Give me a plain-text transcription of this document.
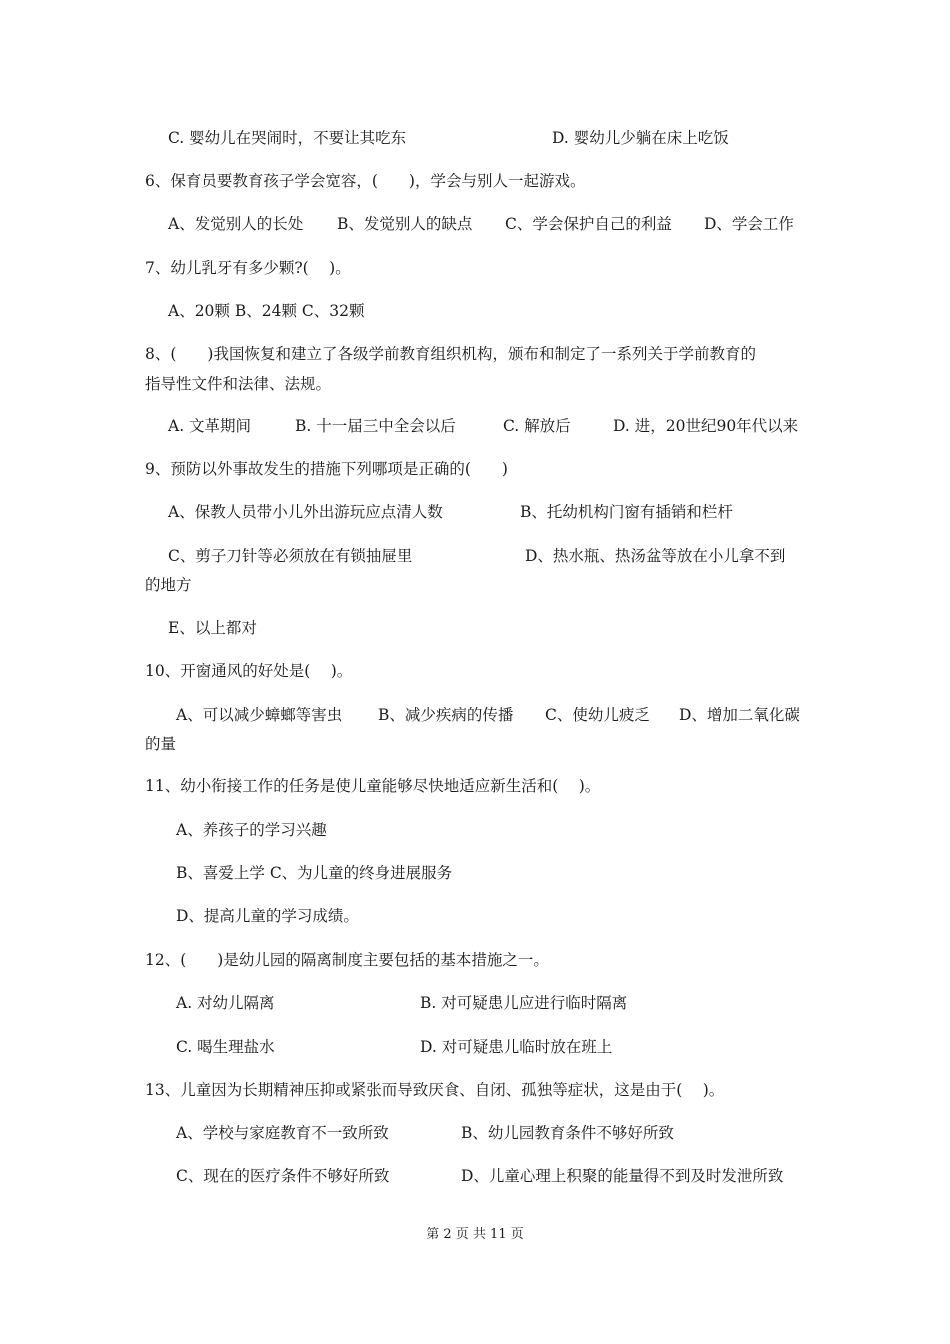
C. 婴幼儿在哭闹时，不要让其吃东	D. 婴幼儿少躺在床上吃饭
6、保育员要教育孩子学会宽容，(　　)，学会与别人一起游戏。
A、发觉别人的长处 B、发觉别人的缺点 C、学会保护自己的利益 D、学会工作
7、幼儿乳牙有多少颗?(　 )。
A、20颗 B、24颗 C、32颗
8、(　　)我国恢复和建立了各级学前教育组织机构，颁布和制定了一系列关于学前教育的
指导性文件和法律、法规。
A. 文革期间	B. 十一届三中全会以后	C. 解放后	D. 进，20世纪90年代以来
9、预防以外事故发生的措施下列哪项是正确的(　　)
A、保教人员带小儿外出游玩应点清人数	B、托幼机构门窗有插销和栏杆
C、剪子刀针等必须放在有锁抽屉里	D、热水瓶、热汤盆等放在小儿拿不到
的地方
E、以上都对
10、开窗通风的好处是(　 )。
A、可以减少蟑螂等害虫 B、减少疾病的传播 C、使幼儿疲乏 D、增加二氧化碳
的量
11、幼小衔接工作的任务是使儿童能够尽快地适应新生活和(　 )。
A、养孩子的学习兴趣
B、喜爱上学 C、为儿童的终身进展服务
D、提高儿童的学习成绩。
12、(　　)是幼儿园的隔离制度主要包括的基本措施之一。
A. 对幼儿隔离	B. 对可疑患儿应进行临时隔离
C. 喝生理盐水	D. 对可疑患儿临时放在班上
13、儿童因为长期精神压抑或紧张而导致厌食、自闭、孤独等症状，这是由于(　 )。
A、学校与家庭教育不一致所致	B、幼儿园教育条件不够好所致
C、现在的医疗条件不够好所致	D、儿童心理上积聚的能量得不到及时发泄所致
第 2 页 共 11 页
